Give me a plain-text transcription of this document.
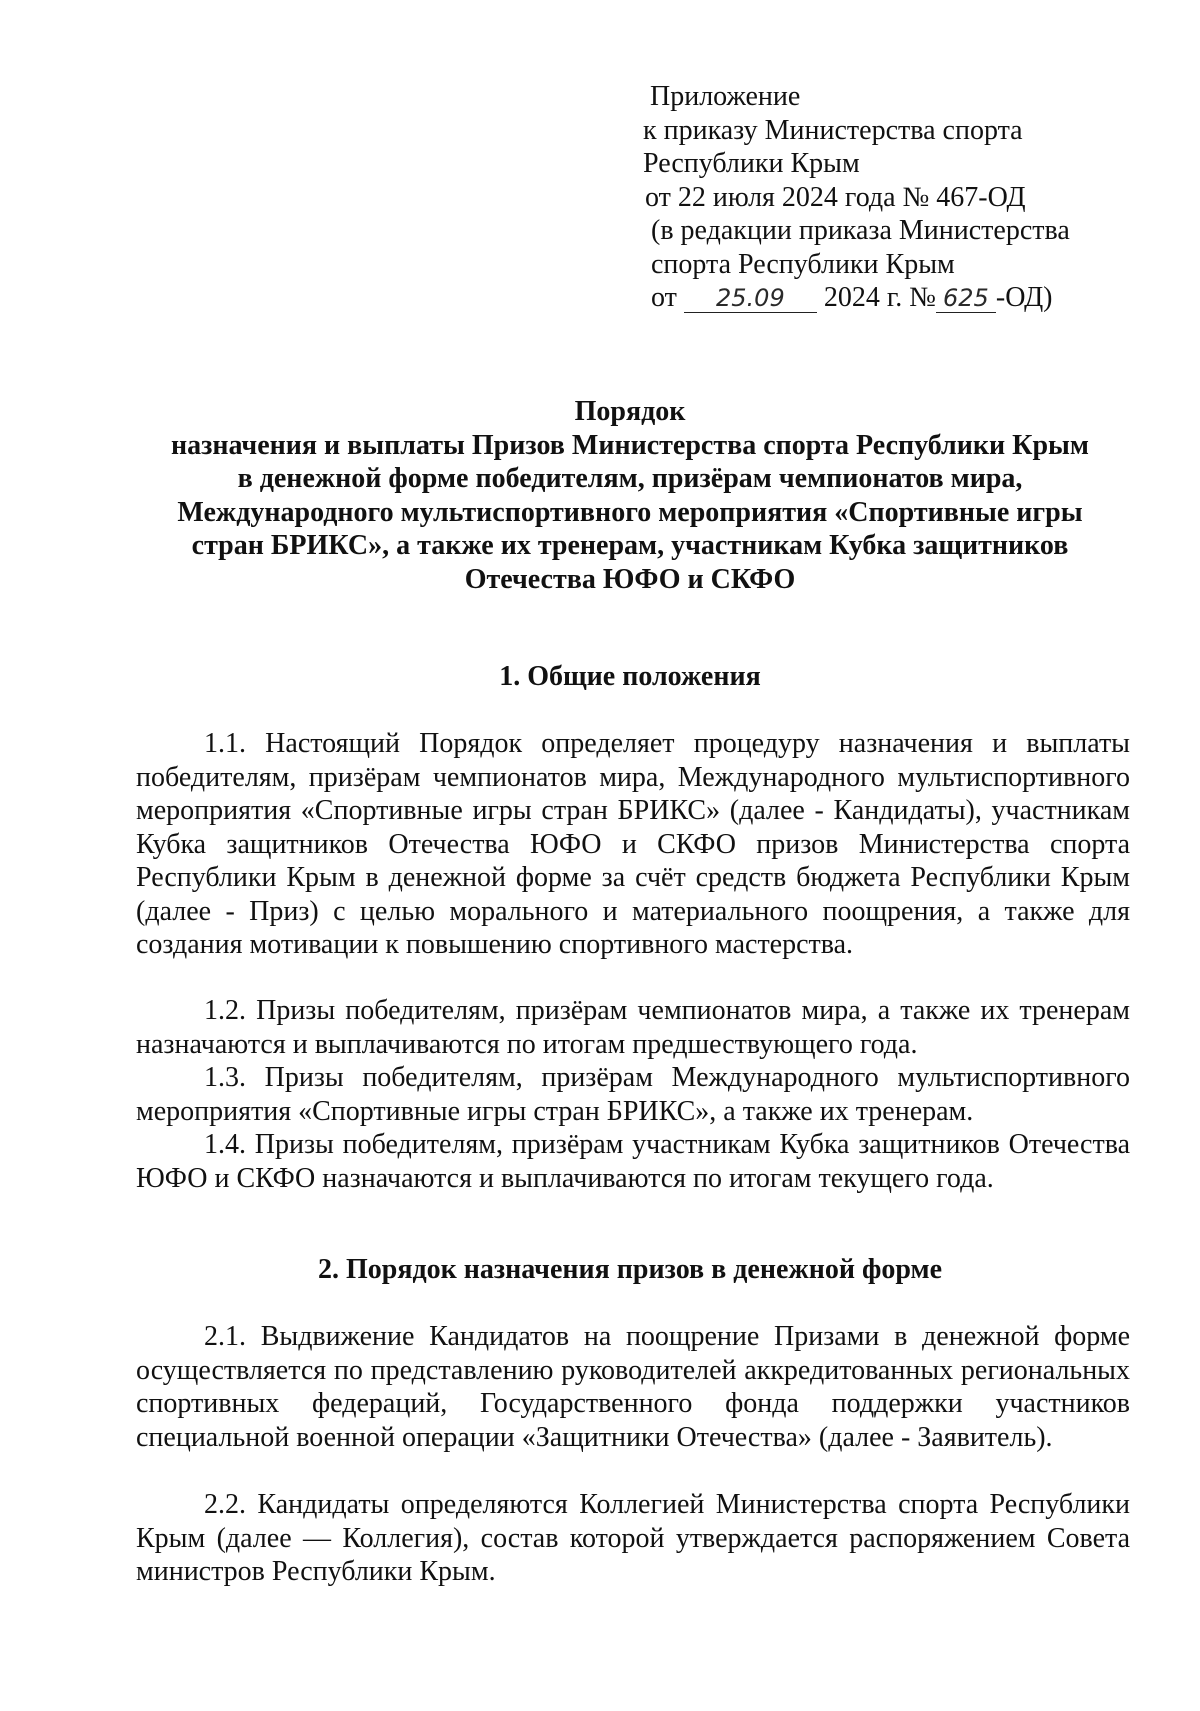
Приложение
к приказу Министерства спорта
Республики Крым
от 22 июля 2024 года № 467-ОД
(в редакции приказа Министерства
спорта Республики Крым
от 25.09 2024 г. № 625 -ОД)
Порядок
назначения и выплаты Призов Министерства спорта Республики Крым
в денежной форме победителям, призёрам чемпионатов мира,
Международного мультиспортивного мероприятия «Спортивные игры
стран БРИКС», а также их тренерам, участникам Кубка защитников
Отечества ЮФО и СКФО
1. Общие положения

1.1. Настоящий Порядок определяет процедуру назначения и выплаты победителям, призёрам чемпионатов мира, Международного мультиспортивного мероприятия «Спортивные игры стран БРИКС» (далее - Кандидаты), участникам Кубка защитников Отечества ЮФО и СКФО призов Министерства спорта Республики Крым в денежной форме за счёт средств бюджета Республики Крым (далее - Приз) с целью морального и материального поощрения, а также для создания мотивации к повышению спортивного мастерства.

1.2. Призы победителям, призёрам чемпионатов мира, а также их тренерам назначаются и выплачиваются по итогам предшествующего года.

1.3. Призы победителям, призёрам Международного мультиспортивного мероприятия «Спортивные игры стран БРИКС», а также их тренерам.

1.4. Призы победителям, призёрам участникам Кубка защитников Отечества ЮФО и СКФО назначаются и выплачиваются по итогам текущего года.

2. Порядок назначения призов в денежной форме

2.1. Выдвижение Кандидатов на поощрение Призами в денежной форме осуществляется по представлению руководителей аккредитованных региональных спортивных федераций, Государственного фонда поддержки участников специальной военной операции «Защитники Отечества» (далее - Заявитель).

2.2. Кандидаты определяются Коллегией Министерства спорта Республики Крым (далее — Коллегия), состав которой утверждается распоряжением Совета министров Республики Крым.
